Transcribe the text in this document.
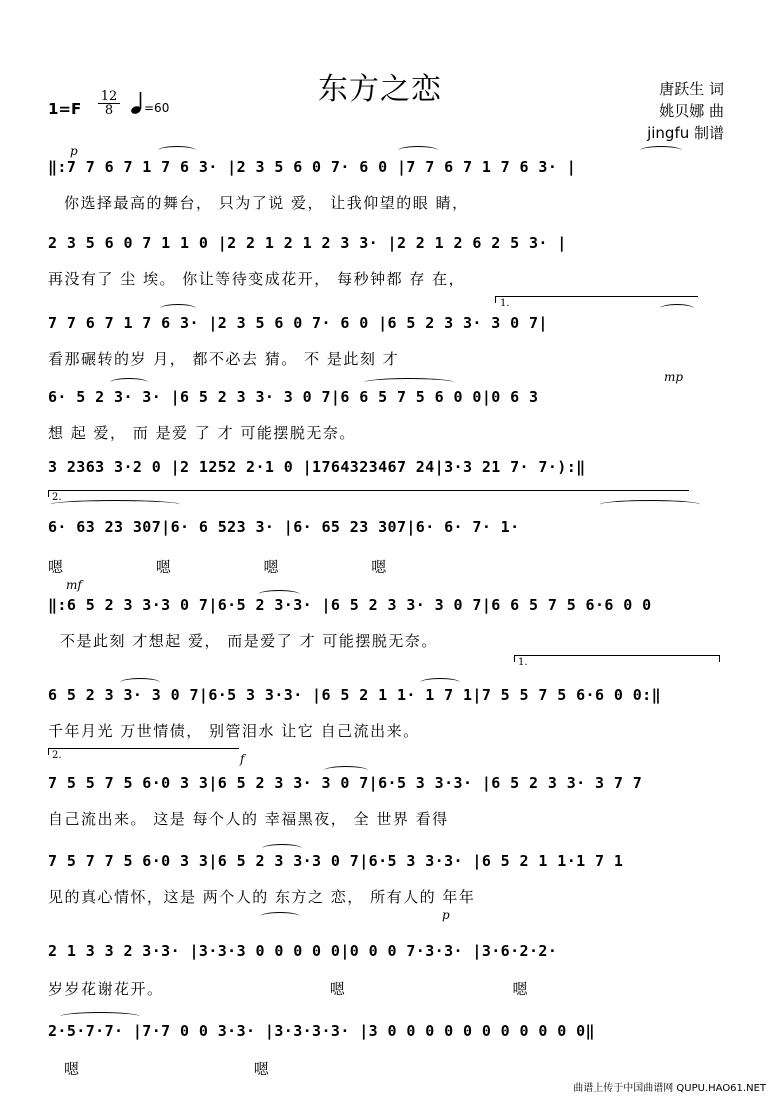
东方之恋
$1=F \frac{12}{8} =60$
唐跃生 词
姚贝娜 曲
jingfu 制谱
p
mp
mf
f
p
1.
2.
1.
2.
‖:7 7 6 7 1 7 6 3· |2 3 5 6 0 7· 6 0 |7 7 6 7 1 7 6 3· |
你选择最高的舞台， 只为了说 爱， 让我仰望的眼 睛，
2 3 5 6 0 7 1 1 0 |2 2 1 2 1 2 3 3· |2 2 1 2 6 2 5 3· |
再没有了 尘 埃。 你让等待变成花开， 每秒钟都 存 在，
7 7 6 7 1 7 6 3· |2 3 5 6 0 7· 6 0 |6 5 2 3 3· 3 0 7|
看那碾转的岁 月， 都不必去 猜。 不 是此刻 才
6· 5 2 3· 3· |6 5 2 3 3· 3 0 7|6 6 5 7 5 6 0 0|0 6 3
想 起 爱， 而 是爱 了 才 可能摆脱无奈。
3 2363 3·2 0 |2 1252 2·1 0 |1764323467 24|3·3 21 7· 7·):‖
6· 63 23 307|6· 6 523 3· |6· 65 23 307|6· 6· 7· 1·
嗯 嗯 嗯 嗯
‖:6 5 2 3 3·3 0 7|6·5 2 3·3· |6 5 2 3 3· 3 0 7|6 6 5 7 5 6·6 0 0
不是此刻 才想起 爱， 而是爱了 才 可能摆脱无奈。
6 5 2 3 3· 3 0 7|6·5 3 3·3· |6 5 2 1 1· 1 7 1|7 5 5 7 5 6·6 0 0:‖
千年月光 万世情债， 别管泪水 让它 自己流出来。
7 5 5 7 5 6·0 3 3|6 5 2 3 3· 3 0 7|6·5 3 3·3· |6 5 2 3 3· 3 7 7
自己流出来。 这是 每个人的 幸福黑夜， 全 世界 看得
7 5 7 7 5 6·0 3 3|6 5 2 3 3·3 0 7|6·5 3 3·3· |6 5 2 1 1·1 7 1
见的真心情怀，这是 两个人的 东方之 恋， 所有人的 年年
2 1 3 3 2 3·3· |3·3·3 0 0 0 0 0|0 0 0 7·3·3· |3·6·2·2·
岁岁花谢花开。 嗯 嗯
2·5·7·7· |7·7 0 0 3·3· |3·3·3·3· |3 0 0 0 0 0 0 0 0 0 0 0‖
嗯 嗯
曲谱上传于中国曲谱网 QUPU.HAO61.NET
